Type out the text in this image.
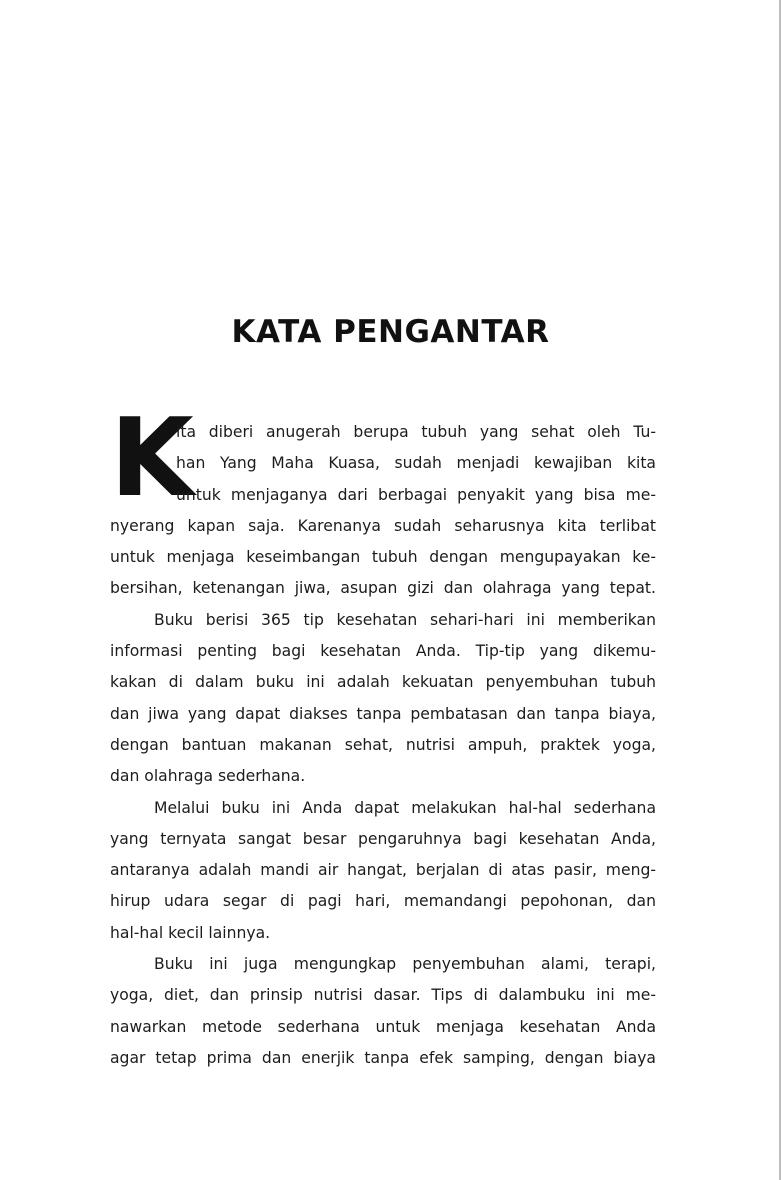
KATA PENGANTAR
K
ita diberi anugerah berupa tubuh yang sehat oleh Tu-
han Yang Maha Kuasa, sudah menjadi kewajiban kita
untuk menjaganya dari berbagai penyakit yang bisa me-
nyerang kapan saja. Karenanya sudah seharusnya kita terlibat
untuk menjaga keseimbangan tubuh dengan mengupayakan ke-
bersihan, ketenangan jiwa, asupan gizi dan olahraga yang tepat.
Buku berisi 365 tip kesehatan sehari-hari ini memberikan
informasi penting bagi kesehatan Anda. Tip-tip yang dikemu-
kakan di dalam buku ini adalah kekuatan penyembuhan tubuh
dan jiwa yang dapat diakses tanpa pembatasan dan tanpa biaya,
dengan bantuan makanan sehat, nutrisi ampuh, praktek yoga,
dan olahraga sederhana.
Melalui buku ini Anda dapat melakukan hal-hal sederhana
yang ternyata sangat besar pengaruhnya bagi kesehatan Anda,
antaranya adalah mandi air hangat, berjalan di atas pasir, meng-
hirup udara segar di pagi hari, memandangi pepohonan, dan
hal-hal kecil lainnya.
Buku ini juga mengungkap penyembuhan alami, terapi,
yoga, diet, dan prinsip nutrisi dasar. Tips di dalambuku ini me-
nawarkan metode sederhana untuk menjaga kesehatan Anda
agar tetap prima dan enerjik tanpa efek samping, dengan biaya
